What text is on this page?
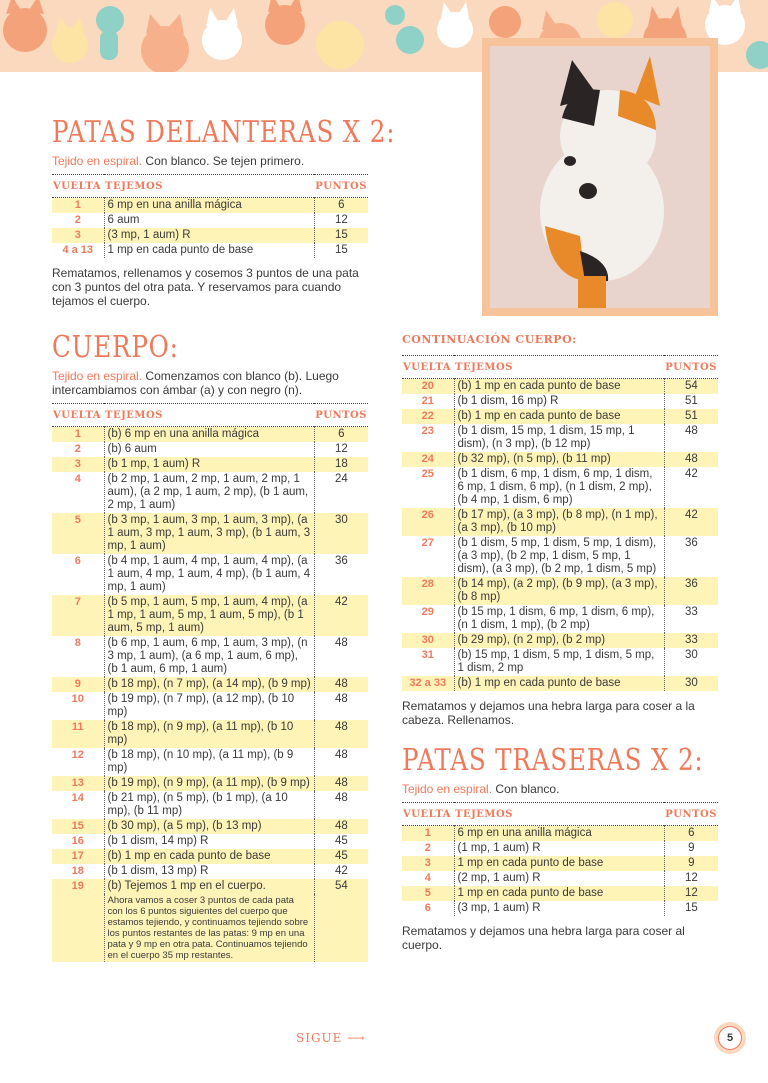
PATAS DELANTERAS X 2:

Tejido en espiral. Con blanco. Se tejen primero.

VUELTA	TEJEMOS	PUNTOS
1	6 mp en una anilla mágica	6
2	6 aum	12
3	(3 mp, 1 aum) R	15
4 a 13	1 mp en cada punto de base	15

Rematamos, rellenamos y cosemos 3 puntos de una pata con 3 puntos del otra pata. Y reservamos para cuando tejamos el cuerpo.

CUERPO:

Tejido en espiral. Comenzamos con blanco (b). Luego intercambiamos con ámbar (a) y con negro (n).

VUELTA	TEJEMOS	PUNTOS
1	(b) 6 mp en una anilla mágica	6
2	(b) 6 aum	12
3	(b 1 mp, 1 aum) R	18
4	(b 2 mp, 1 aum, 2 mp, 1 aum, 2 mp, 1 aum), (a 2 mp, 1 aum, 2 mp), (b 1 aum, 2 mp, 1 aum)	24
5	(b 3 mp, 1 aum, 3 mp, 1 aum, 3 mp), (a 1 aum, 3 mp, 1 aum, 3 mp), (b 1 aum, 3 mp, 1 aum)	30
6	(b 4 mp, 1 aum, 4 mp, 1 aum, 4 mp), (a 1 aum, 4 mp, 1 aum, 4 mp), (b 1 aum, 4 mp, 1 aum)	36
7	(b 5 mp, 1 aum, 5 mp, 1 aum, 4 mp), (a 1 mp, 1 aum, 5 mp, 1 aum, 5 mp), (b 1 aum, 5 mp, 1 aum)	42
8	(b 6 mp, 1 aum, 6 mp, 1 aum, 3 mp), (n 3 mp, 1 aum), (a 6 mp, 1 aum, 6 mp), (b 1 aum, 6 mp, 1 aum)	48
9	(b 18 mp), (n 7 mp), (a 14 mp), (b 9 mp)	48
10	(b 19 mp), (n 7 mp), (a 12 mp), (b 10 mp)	48
11	(b 18 mp), (n 9 mp), (a 11 mp), (b 10 mp)	48
12	(b 18 mp), (n 10 mp), (a 11 mp), (b 9 mp)	48
13	(b 19 mp), (n 9 mp), (a 11 mp), (b 9 mp)	48
14	(b 21 mp), (n 5 mp), (b 1 mp), (a 10 mp), (b 11 mp)	48
15	(b 30 mp), (a 5 mp), (b 13 mp)	48
16	(b 1 dism, 14 mp) R	45
17	(b) 1 mp en cada punto de base	45
18	(b 1 dism, 13 mp) R	42
19	(b) Tejemos 1 mp en el cuerpo.	54
	Ahora vamos a coser 3 puntos de cada pata con los 6 puntos siguientes del cuerpo que estamos tejiendo, y continuamos tejiendo sobre los puntos restantes de las patas: 9 mp en una pata y 9 mp en otra pata. Continuamos tejiendo en el cuerpo 35 mp restantes.	
CONTINUACIÓN CUERPO:
VUELTA	TEJEMOS	PUNTOS
20	(b) 1 mp en cada punto de base	54
21	(b 1 dism, 16 mp) R	51
22	(b) 1 mp en cada punto de base	51
23	(b 1 dism, 15 mp, 1 dism, 15 mp, 1 dism), (n 3 mp), (b 12 mp)	48
24	(b 32 mp), (n 5 mp), (b 11 mp)	48
25	(b 1 dism, 6 mp, 1 dism, 6 mp, 1 dism, 6 mp, 1 dism, 6 mp), (n 1 dism, 2 mp), (b 4 mp, 1 dism, 6 mp)	42
26	(b 17 mp), (a 3 mp), (b 8 mp), (n 1 mp), (a 3 mp), (b 10 mp)	42
27	(b 1 dism, 5 mp, 1 dism, 5 mp, 1 dism), (a 3 mp), (b 2 mp, 1 dism, 5 mp, 1 dism), (a 3 mp), (b 2 mp, 1 dism, 5 mp)	36
28	(b 14 mp), (a 2 mp), (b 9 mp), (a 3 mp), (b 8 mp)	36
29	(b 15 mp, 1 dism, 6 mp, 1 dism, 6 mp), (n 1 dism, 1 mp), (b 2 mp)	33
30	(b 29 mp), (n 2 mp), (b 2 mp)	33
31	(b) 15 mp, 1 dism, 5 mp, 1 dism, 5 mp, 1 dism, 2 mp	30
32 a 33	(b) 1 mp en cada punto de base	30

Rematamos y dejamos una hebra larga para coser a la cabeza. Rellenamos.

PATAS TRASERAS X 2:

Tejido en espiral. Con blanco.

VUELTA	TEJEMOS	PUNTOS
1	6 mp en una anilla mágica	6
2	(1 mp, 1 aum) R	9
3	1 mp en cada punto de base	9
4	(2 mp, 1 aum) R	12
5	1 mp en cada punto de base	12
6	(3 mp, 1 aum) R	15

Rematamos y dejamos una hebra larga para coser al cuerpo.

SIGUE ⟶	5
